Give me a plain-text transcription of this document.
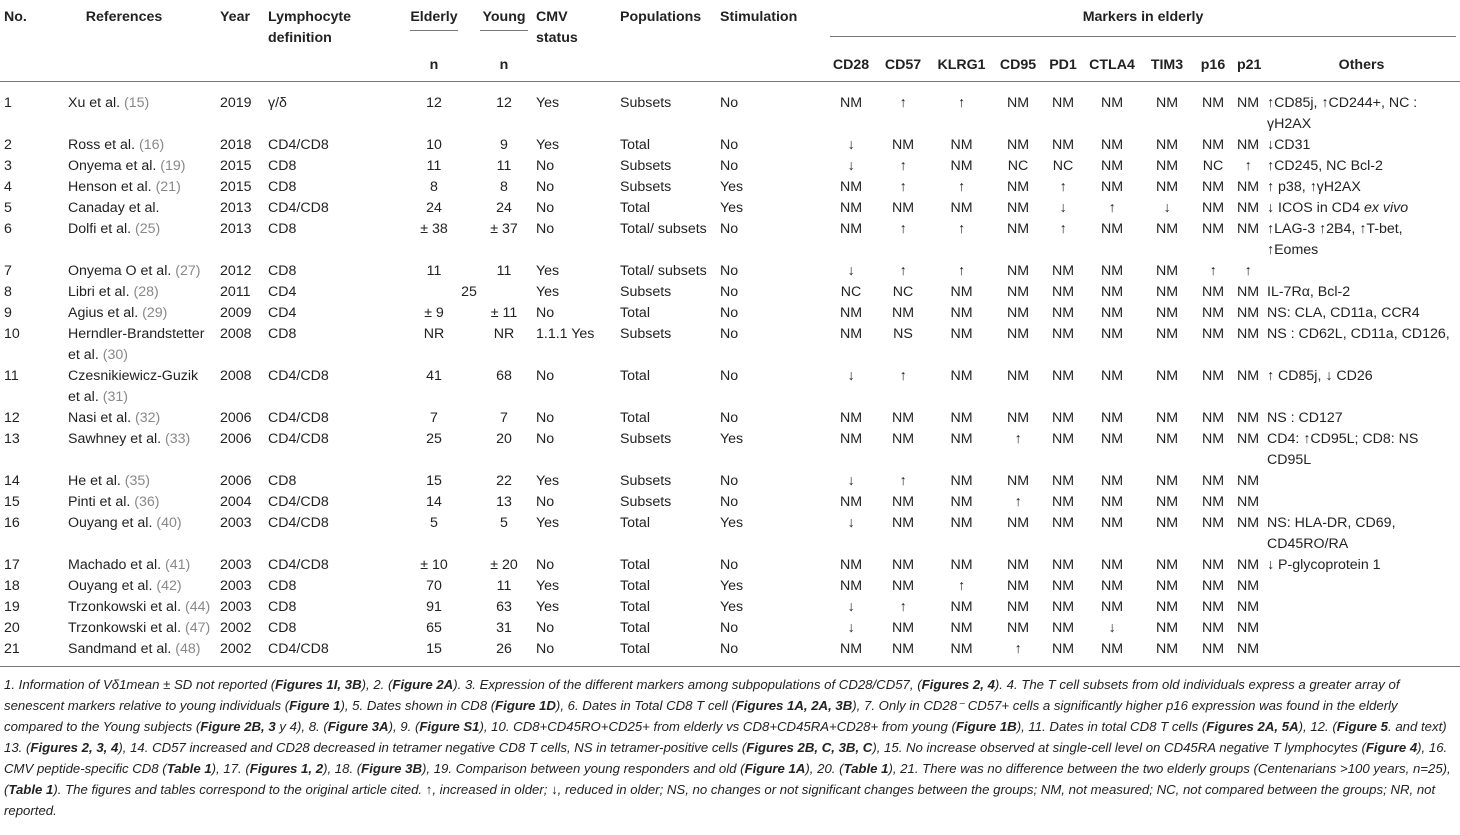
No.	References	Year	Lymphocyte definition	Elderly		Young	CMV status	Populations	Stimulation	Markers in elderly									

				n		n				CD28	CD57	KLRG1	CD95	PD1	CTLA4	TIM3	p16	p21	Others
1	Xu et al. (15)	2019	γ/δ	12		12	Yes	Subsets	No	NM	↑	↑	NM	NM	NM	NM	NM	NM	↑CD85j, ↑CD244+, NC : γH2AX
2	Ross et al. (16)	2018	CD4/CD8	10		9	Yes	Total	No	↓	NM	NM	NM	NM	NM	NM	NM	NM	↓CD31
3	Onyema et al. (19)	2015	CD8	11		11	No	Subsets	No	↓	↑	NM	NC	NC	NM	NM	NC	↑	↑CD245, NC Bcl-2
4	Henson et al. (21)	2015	CD8	8		8	No	Subsets	Yes	NM	↑	↑	NM	↑	NM	NM	NM	NM	↑ p38, ↑γH2AX
5	Canaday et al.	2013	CD4/CD8	24		24	No	Total	Yes	NM	NM	NM	NM	↓	↑	↓	NM	NM	↓ ICOS in CD4 ex vivo
6	Dolfi et al. (25)	2013	CD8	± 38		± 37	No	Total/ subsets	No	NM	↑	↑	NM	↑	NM	NM	NM	NM	↑LAG-3 ↑2B4, ↑T-bet, ↑Eomes
7	Onyema O et al. (27)	2012	CD8	11		11	Yes	Total/ subsets	No	↓	↑	↑	NM	NM	NM	NM	↑	↑	
8	Libri et al. (28)	2011	CD4	25			Yes	Subsets	No	NC	NC	NM	NM	NM	NM	NM	NM	NM	IL-7Rα, Bcl-2
9	Agius et al. (29)	2009	CD4	± 9		± 11	No	Total	No	NM	NM	NM	NM	NM	NM	NM	NM	NM	NS: CLA, CD11a, CCR4
10	Herndler-Brandstetter et al. (30)	2008	CD8	NR		NR	1.1.1 Yes	Subsets	No	NM	NS	NM	NM	NM	NM	NM	NM	NM	NS : CD62L, CD11a, CD126,
11	Czesnikiewicz-Guzik et al. (31)	2008	CD4/CD8	41		68	No	Total	No	↓	↑	NM	NM	NM	NM	NM	NM	NM	↑ CD85j, ↓ CD26
12	Nasi et al. (32)	2006	CD4/CD8	7		7	No	Total	No	NM	NM	NM	NM	NM	NM	NM	NM	NM	NS : CD127
13	Sawhney et al. (33)	2006	CD4/CD8	25		20	No	Subsets	Yes	NM	NM	NM	↑	NM	NM	NM	NM	NM	CD4: ↑CD95L; CD8: NS CD95L
14	He et al. (35)	2006	CD8	15		22	Yes	Subsets	No	↓	↑	NM	NM	NM	NM	NM	NM	NM	
15	Pinti et al. (36)	2004	CD4/CD8	14		13	No	Subsets	No	NM	NM	NM	↑	NM	NM	NM	NM	NM	
16	Ouyang et al. (40)	2003	CD4/CD8	5		5	Yes	Total	Yes	↓	NM	NM	NM	NM	NM	NM	NM	NM	NS: HLA-DR, CD69, CD45RO/RA
17	Machado et al. (41)	2003	CD4/CD8	± 10		± 20	No	Total	No	NM	NM	NM	NM	NM	NM	NM	NM	NM	↓ P-glycoprotein 1
18	Ouyang et al. (42)	2003	CD8	70		11	Yes	Total	Yes	NM	NM	↑	NM	NM	NM	NM	NM	NM	
19	Trzonkowski et al. (44)	2003	CD8	91		63	Yes	Total	Yes	↓	↑	NM	NM	NM	NM	NM	NM	NM	
20	Trzonkowski et al. (47)	2002	CD8	65		31	No	Total	No	↓	NM	NM	NM	NM	↓	NM	NM	NM	
21	Sandmand et al. (48)	2002	CD4/CD8	15		26	No	Total	No	NM	NM	NM	↑	NM	NM	NM	NM	NM	
1. Information of Vδ1mean ± SD not reported (Figures 1I, 3B), 2. (Figure 2A). 3. Expression of the different markers among subpopulations of CD28/CD57, (Figures 2, 4). 4. The T cell subsets from old individuals express a greater array of senescent markers relative to young individuals (Figure 1), 5. Dates shown in CD8 (Figure 1D), 6. Dates in Total CD8 T cell (Figures 1A, 2A, 3B), 7. Only in CD28⁻ CD57+ cells a significantly higher p16 expression was found in the elderly compared to the Young subjects (Figure 2B, 3 y 4), 8. (Figure 3A), 9. (Figure S1), 10. CD8+CD45RO+CD25+ from elderly vs CD8+CD45RA+CD28+ from young (Figure 1B), 11. Dates in total CD8 T cells (Figures 2A, 5A), 12. (Figure 5. and text) 13. (Figures 2, 3, 4), 14. CD57 increased and CD28 decreased in tetramer negative CD8 T cells, NS in tetramer-positive cells (Figures 2B, C, 3B, C), 15. No increase observed at single-cell level on CD45RA negative T lymphocytes (Figure 4), 16. CMV peptide-specific CD8 (Table 1), 17. (Figures 1, 2), 18. (Figure 3B), 19. Comparison between young responders and old (Figure 1A), 20. (Table 1), 21. There was no difference between the two elderly groups (Centenarians >100 years, n=25), (Table 1). The figures and tables correspond to the original article cited. ↑, increased in older; ↓, reduced in older; NS, no changes or not significant changes between the groups; NM, not measured; NC, not compared between the groups; NR, not reported.
